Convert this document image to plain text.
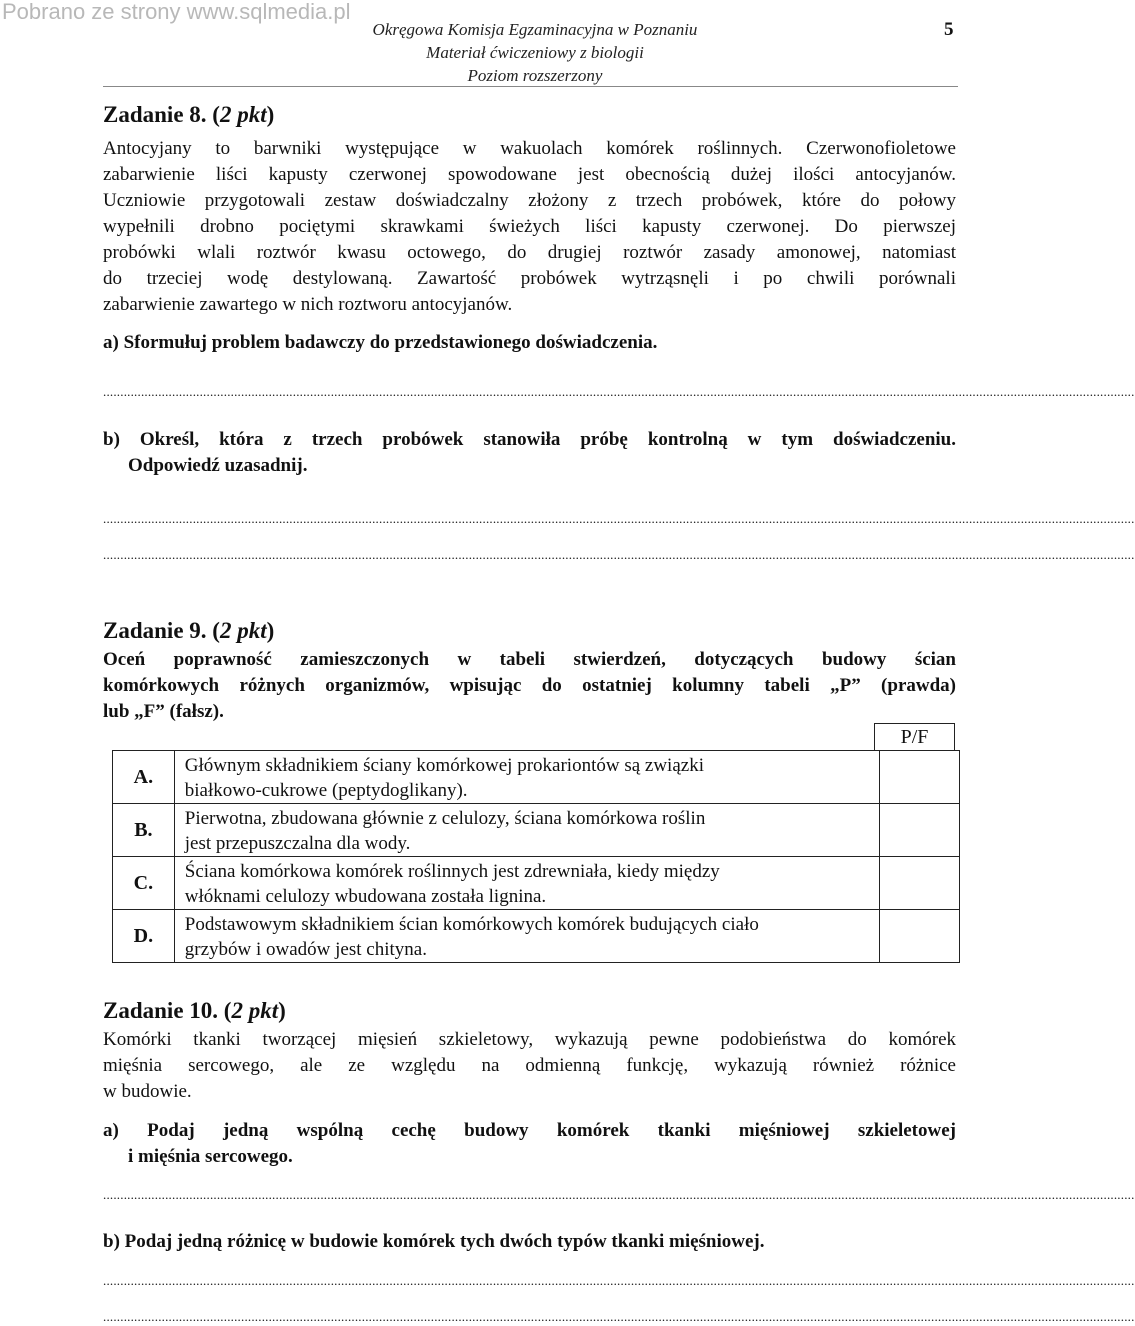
Pobrano ze strony www.sqlmedia.pl
Okręgowa Komisja Egzaminacyjna w Poznaniu
Materiał ćwiczeniowy z biologii
Poziom rozszerzony
5
Zadanie 8. (2 pkt)
Antocyjany to barwniki występujące w wakuolach komórek roślinnych. Czerwonofioletowe
zabarwienie liści kapusty czerwonej spowodowane jest obecnością dużej ilości antocyjanów.
Uczniowie przygotowali zestaw doświadczalny złożony z trzech probówek, które do połowy
wypełnili drobno pociętymi skrawkami świeżych liści kapusty czerwonej. Do pierwszej
probówki wlali roztwór kwasu octowego, do drugiej roztwór zasady amonowej, natomiast
do trzeciej wodę destylowaną. Zawartość probówek wytrząsnęli i po chwili porównali
zabarwienie zawartego w nich roztworu antocyjanów.
a) Sformułuj problem badawczy do przedstawionego doświadczenia.
...........................................................................................................................................................................................................................................................................................................
b) Określ, która z trzech probówek stanowiła próbę kontrolną w tym doświadczeniu.
Odpowiedź uzasadnij.
...........................................................................................................................................................................................................................................................................................................
...........................................................................................................................................................................................................................................................................................................
Zadanie 9. (2 pkt)
Oceń poprawność zamieszczonych w tabeli stwierdzeń, dotyczących budowy ścian
komórkowych różnych organizmów, wpisując do ostatniej kolumny tabeli „P” (prawda)
lub „F” (fałsz).
P/F
A.	Głównym składnikiem ściany komórkowej prokariontów są związki
białkowo-cukrowe (peptydoglikany).	

B.	Pierwotna, zbudowana głównie z celulozy, ściana komórkowa roślin
jest przepuszczalna dla wody.	

C.	Ściana komórkowa komórek roślinnych jest zdrewniała, kiedy między
włóknami celulozy wbudowana została lignina.	

D.	Podstawowym składnikiem ścian komórkowych komórek budujących ciało
grzybów i owadów jest chityna.	

Zadanie 10. (2 pkt)
Komórki tkanki tworzącej mięsień szkieletowy, wykazują pewne podobieństwa do komórek
mięśnia sercowego, ale ze względu na odmienną funkcję, wykazują również różnice
w budowie.
a) Podaj jedną wspólną cechę budowy komórek tkanki mięśniowej szkieletowej
i mięśnia sercowego.
...........................................................................................................................................................................................................................................................................................................
b) Podaj jedną różnicę w budowie komórek tych dwóch typów tkanki mięśniowej.
...........................................................................................................................................................................................................................................................................................................
...........................................................................................................................................................................................................................................................................................................
